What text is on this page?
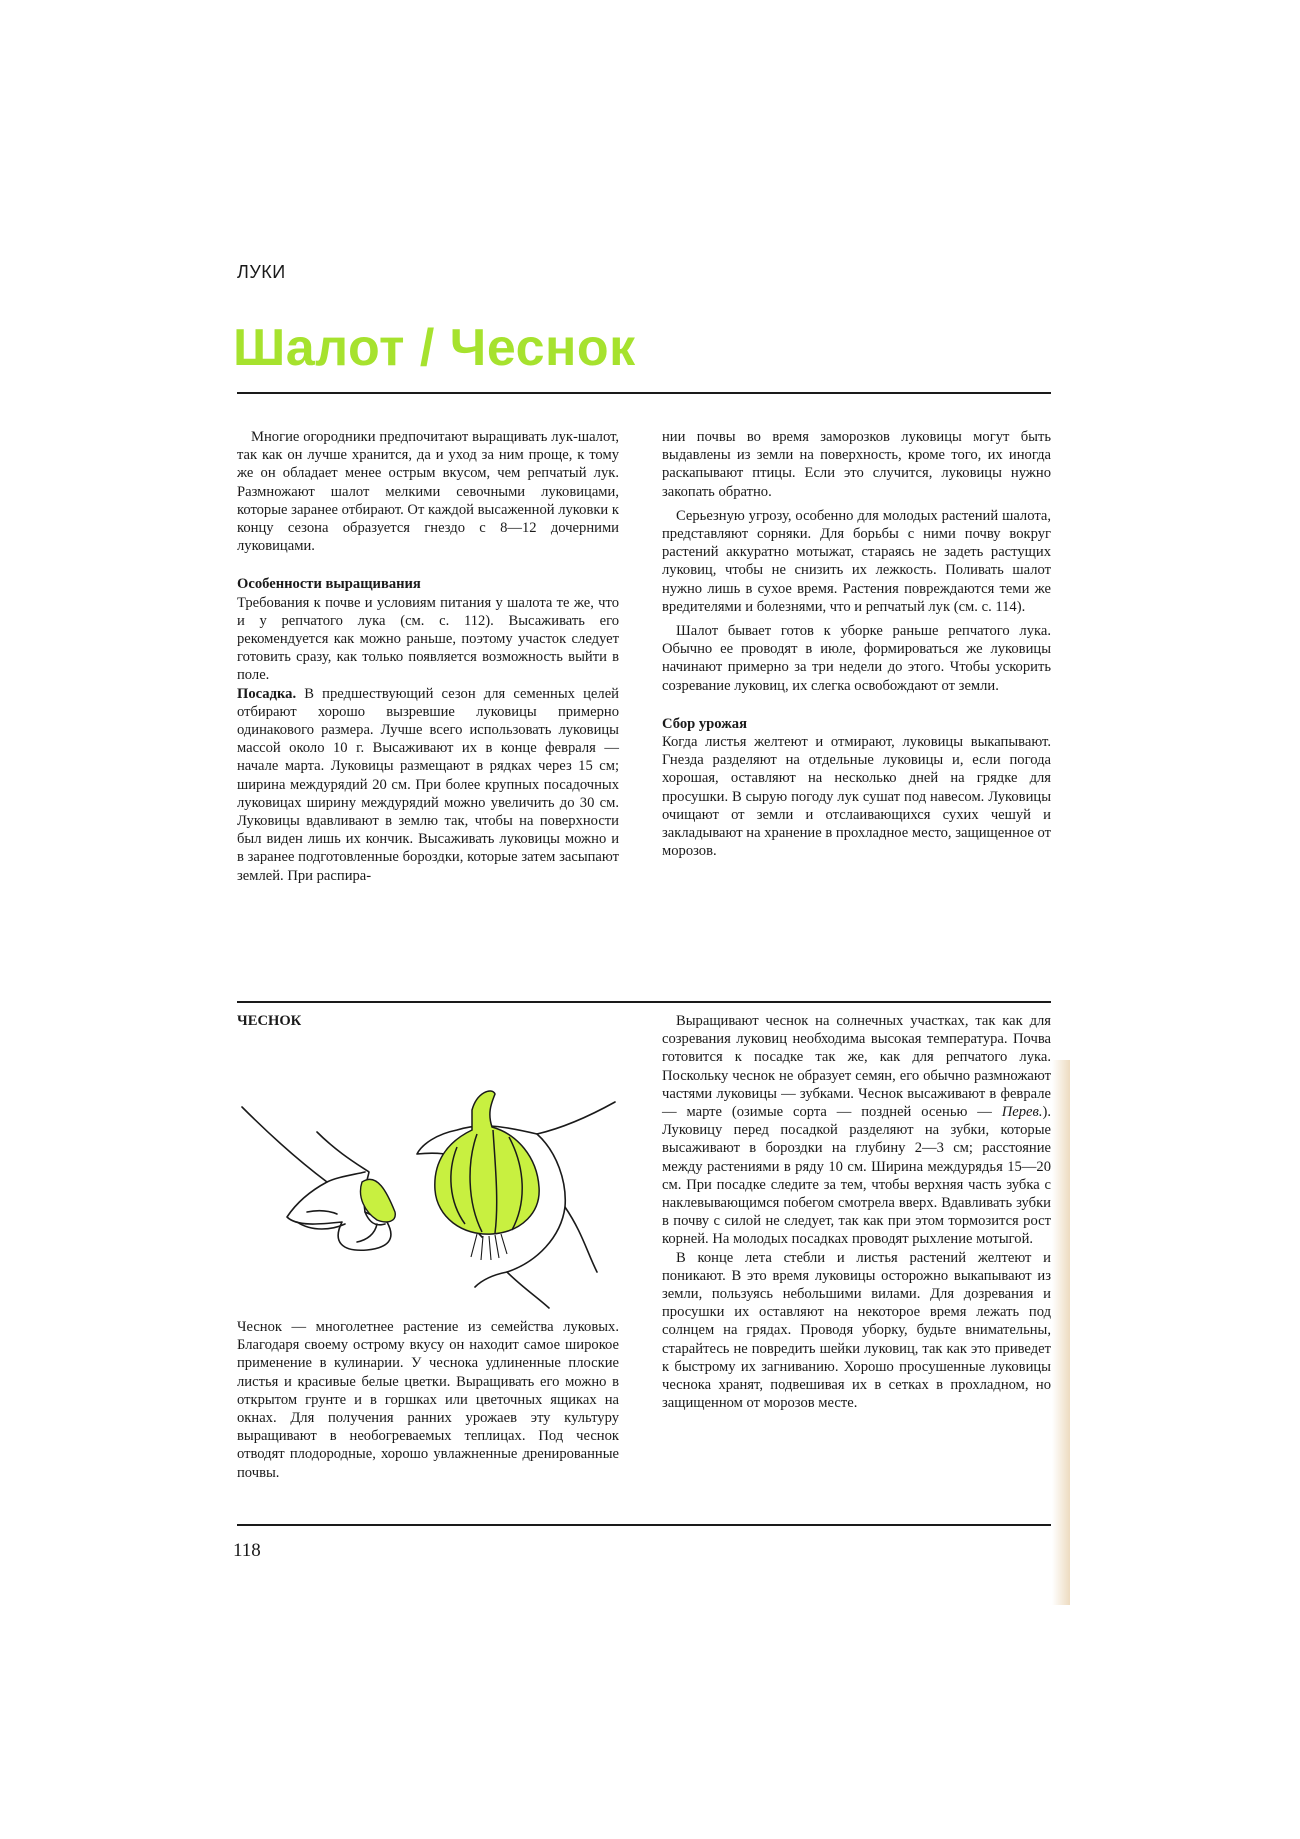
ЛУКИ
Шалот / Чеснок

Многие огородники предпочитают выращивать лук-шалот, так как он лучше хранится, да и уход за ним проще, к тому же он обладает менее острым вкусом, чем репчатый лук. Размножают шалот мелкими севочными луковицами, которые заранее отбирают. От каждой высаженной луковки к концу сезона образуется гнездо с 8—12 дочерними луковицами.

Особенности выращивания

Требования к почве и условиям питания у шалота те же, что и у репчатого лука (см. с. 112). Высаживать его рекомендуется как можно раньше, поэтому участок следует готовить сразу, как только появляется возможность выйти в поле.

Посадка. В предшествующий сезон для семенных целей отбирают хорошо вызревшие луковицы примерно одинакового размера. Лучше всего использовать луковицы массой около 10 г. Высаживают их в конце февраля — начале марта. Луковицы размещают в рядках через 15 см; ширина междурядий 20 см. При более крупных посадочных луковицах ширину междурядий можно увеличить до 30 см. Луковицы вдавливают в землю так, чтобы на поверхности был виден лишь их кончик. Высаживать луковицы можно и в заранее подготовленные бороздки, которые затем засыпают землей. При распира-

нии почвы во время заморозков луковицы могут быть выдавлены из земли на поверхность, кроме того, их иногда раскапывают птицы. Если это случится, луковицы нужно закопать обратно.

Серьезную угрозу, особенно для молодых растений шалота, представляют сорняки. Для борьбы с ними почву вокруг растений аккуратно мотыжат, стараясь не задеть растущих луковиц, чтобы не снизить их лежкость. Поливать шалот нужно лишь в сухое время. Растения повреждаются теми же вредителями и болезнями, что и репчатый лук (см. с. 114).

Шалот бывает готов к уборке раньше репчатого лука. Обычно ее проводят в июле, формироваться же луковицы начинают примерно за три недели до этого. Чтобы ускорить созревание луковиц, их слегка освобождают от земли.

Сбор урожая

Когда листья желтеют и отмирают, луковицы выкапывают. Гнезда разделяют на отдельные луковицы и, если погода хорошая, оставляют на несколько дней на грядке для просушки. В сырую погоду лук сушат под навесом. Луковицы очищают от земли и отслаивающихся сухих чешуй и закладывают на хранение в прохладное место, защищенное от морозов.

ЧЕСНОК

Чеснок — многолетнее растение из семейства луковых. Благодаря своему острому вкусу он находит самое широкое применение в кулинарии. У чеснока удлиненные плоские листья и красивые белые цветки. Выращивать его можно в открытом грунте и в горшках или цветочных ящиках на окнах. Для получения ранних урожаев эту культуру выращивают в необогреваемых теплицах. Под чеснок отводят плодородные, хорошо увлажненные дренированные почвы.

Выращивают чеснок на солнечных участках, так как для созревания луковиц необходима высокая температура. Почва готовится к посадке так же, как для репчатого лука. Поскольку чеснок не образует семян, его обычно размножают частями луковицы — зубками. Чеснок высаживают в феврале — марте (озимые сорта — поздней осенью — Перев.). Луковицу перед посадкой разделяют на зубки, которые высаживают в бороздки на глубину 2—3 см; расстояние между растениями в ряду 10 см. Ширина междурядья 15—20 см. При посадке следите за тем, чтобы верхняя часть зубка с наклевывающимся побегом смотрела вверх. Вдавливать зубки в почву с силой не следует, так как при этом тормозится рост корней. На молодых посадках проводят рыхление мотыгой.

В конце лета стебли и листья растений желтеют и поникают. В это время луковицы осторожно выкапывают из земли, пользуясь небольшими вилами. Для дозревания и просушки их оставляют на некоторое время лежать под солнцем на грядах. Проводя уборку, будьте внимательны, старайтесь не повредить шейки луковиц, так как это приведет к быстрому их загниванию. Хорошо просушенные луковицы чеснока хранят, подвешивая их в сетках в прохладном, но защищенном от морозов месте.

118
